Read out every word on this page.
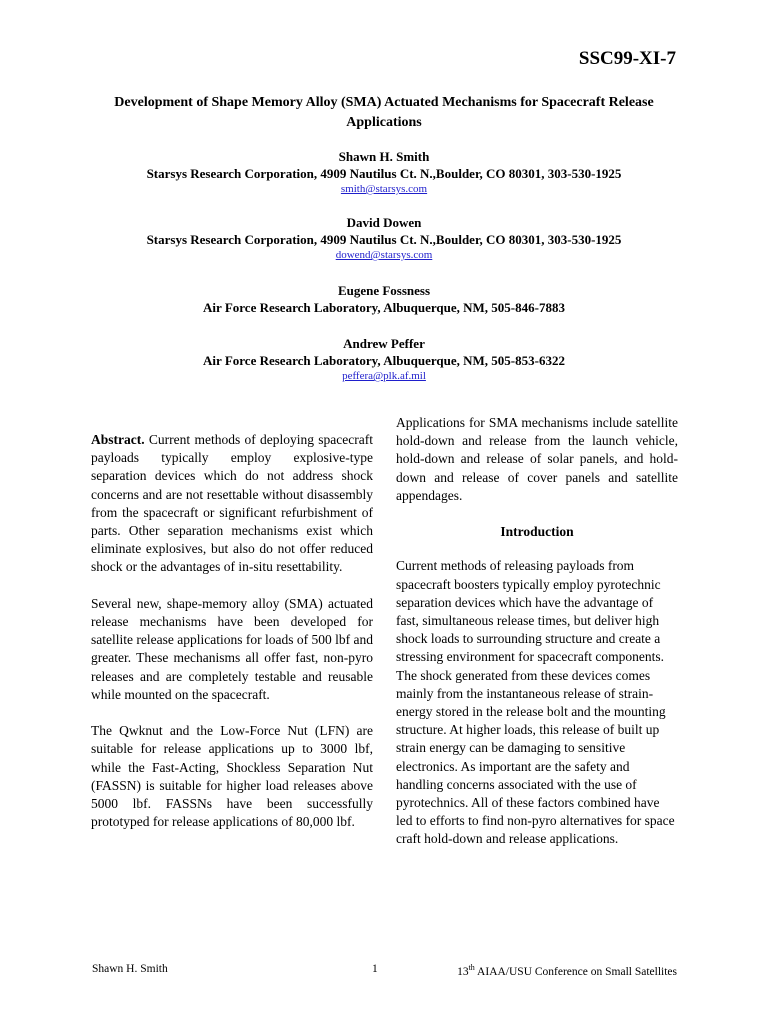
SSC99-XI-7
Development of Shape Memory Alloy (SMA) Actuated Mechanisms for Spacecraft Release
Applications
Shawn H. Smith
Starsys Research Corporation, 4909 Nautilus Ct. N.,Boulder, CO 80301, 303-530-1925
smith@starsys.com
David Dowen
Starsys Research Corporation, 4909 Nautilus Ct. N.,Boulder, CO 80301, 303-530-1925
dowend@starsys.com
Eugene Fossness
Air Force Research Laboratory, Albuquerque, NM, 505-846-7883
Andrew Peffer
Air Force Research Laboratory, Albuquerque, NM, 505-853-6322
peffera@plk.af.mil

Abstract. Current methods of deploying spacecraft payloads typically employ explosive-type separation devices which do not address shock concerns and are not resettable without disassembly from the spacecraft or significant refurbishment of parts. Other separation mechanisms exist which eliminate explosives, but also do not offer reduced shock or the advantages of in-situ resettability.

Several new, shape-memory alloy (SMA) actuated release mechanisms have been developed for satellite release applications for loads of 500 lbf and greater. These mechanisms all offer fast, non-pyro releases and are completely testable and reusable while mounted on the spacecraft.

The Qwknut and the Low-Force Nut (LFN) are suitable for release applications up to 3000 lbf, while the Fast-Acting, Shockless Separation Nut (FASSN) is suitable for higher load releases above 5000 lbf. FASSNs have been successfully prototyped for release applications of 80,000 lbf.

Applications for SMA mechanisms include satellite hold-down and release from the launch vehicle, hold-down and release of solar panels, and hold-down and release of cover panels and satellite appendages.

Introduction

Current methods of releasing payloads from spacecraft boosters typically employ pyrotechnic separation devices which have the advantage of fast, simultaneous release times, but deliver high shock loads to surrounding structure and create a stressing environment for spacecraft components. The shock generated from these devices comes mainly from the instantaneous release of strain-energy stored in the release bolt and the mounting structure. At higher loads, this release of built up strain energy can be damaging to sensitive electronics. As important are the safety and handling concerns associated with the use of pyrotechnics. All of these factors combined have led to efforts to find non-pyro alternatives for space craft hold-down and release applications.

Shawn H. Smith	1	13th AIAA/USU Conference on Small Satellites
